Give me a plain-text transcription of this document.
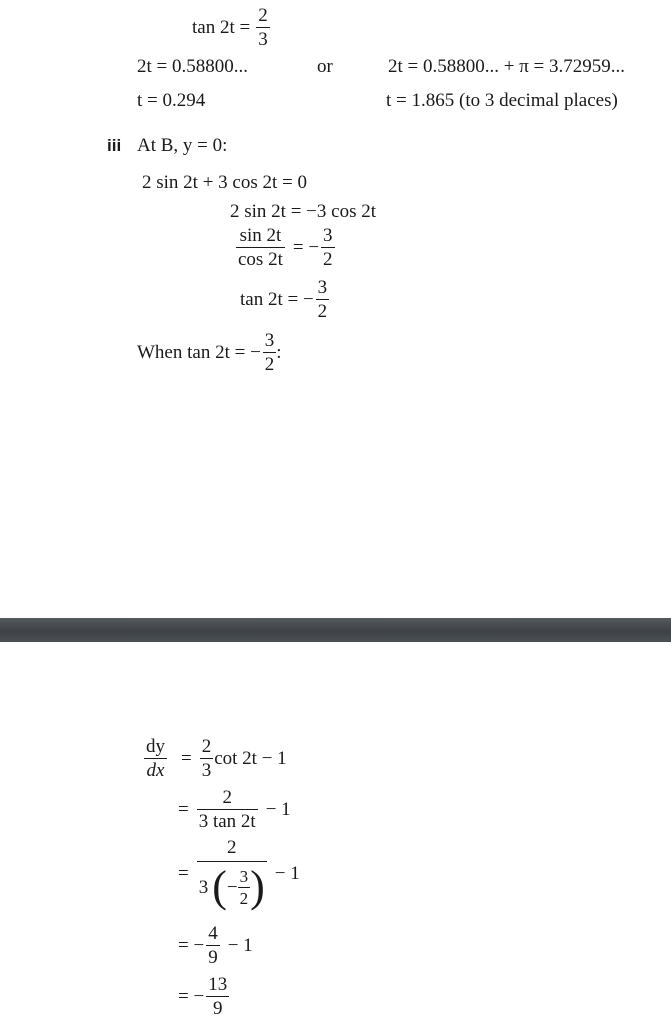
$\tan 2t = \frac{2}{3}$
2t = 0.58800...	or	2t = 0.58800... + π = 3.72959...
t = 0.294	t = 1.865 (to 3 decimal places)
iii At B, y = 0:
2 sin 2t + 3 cos 2t = 0
2 sin 2t = −3 cos 2t
$\frac{\sin 2t}{\cos 2t}$ = − $\frac{3}{2}$
tan 2t = − $\frac{3}{2}$
When tan 2t = − $\frac{3}{2}$ :
$\frac{dy}{dx} = \frac{2}{3}$ cot 2t − 1
= $\frac{2}{3 \tan 2t} - 1$
=
2
3 ( − $\frac{3}{2}$ ) − 1
= − $\frac{4}{9} - 1$
= − $\frac{13}{9}$
